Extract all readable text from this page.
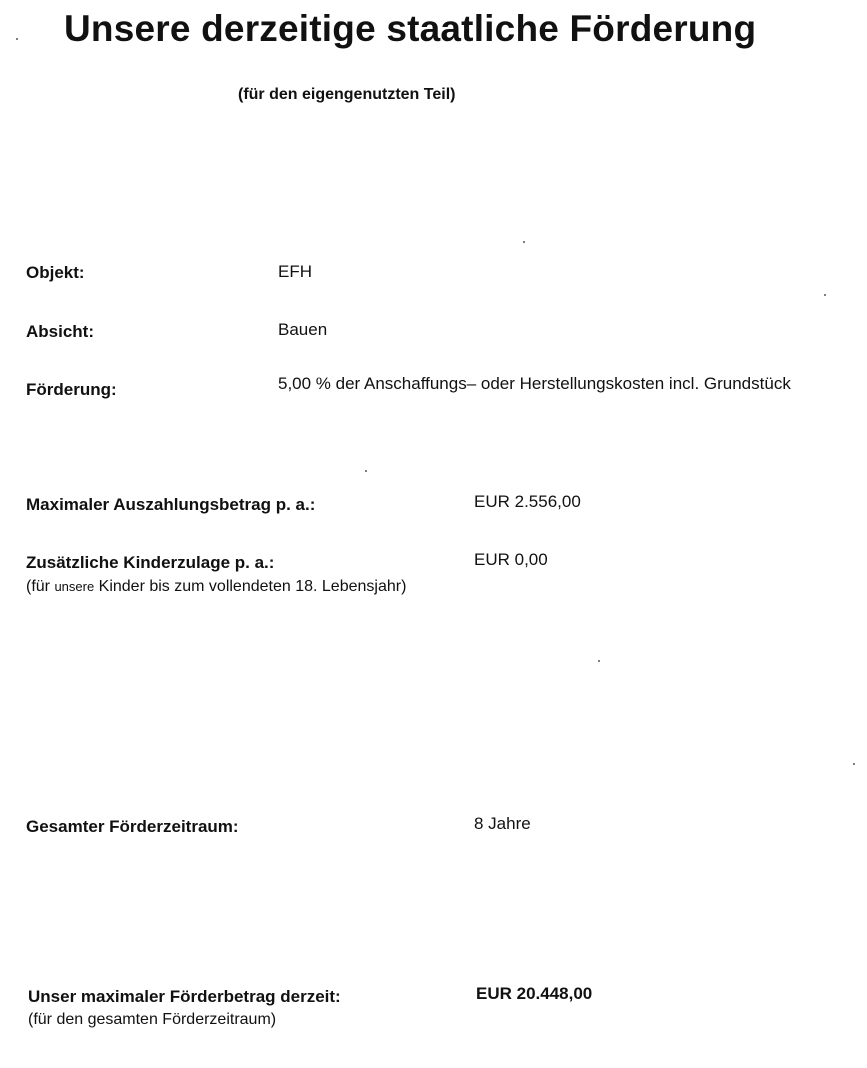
Unsere derzeitige staatliche Förderung
(für den eigengenutzten Teil)
Objekt:	EFH
Absicht:	Bauen
Förderung:	5,00 % der Anschaffungs– oder Herstellungskosten incl. Grundstück
Maximaler Auszahlungsbetrag p. a.:	EUR 2.556,00
Zusätzliche Kinderzulage p. a.:	EUR 0,00
(für unsere Kinder bis zum vollendeten 18. Lebensjahr)
Gesamter Förderzeitraum:	8 Jahre
Unser maximaler Förderbetrag derzeit:	EUR 20.448,00
(für den gesamten Förderzeitraum)
